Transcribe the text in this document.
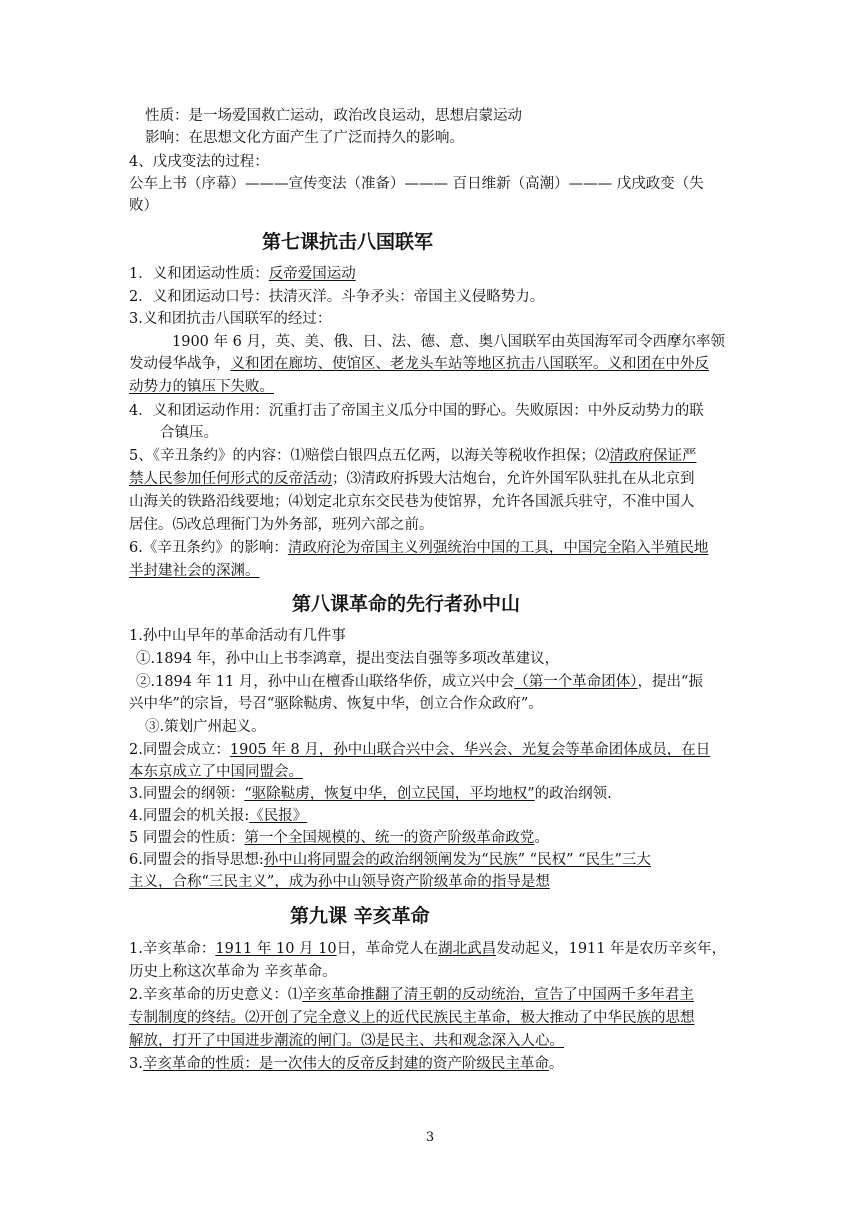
性质：是一场爱国救亡运动，政治改良运动，思想启蒙运动

影响：在思想文化方面产生了广泛而持久的影响。

4、戊戌变法的过程：

公车上书（序幕）———宣传变法（准备）——— 百日维新（高潮）——— 戊戌政变（失

败）

第七课抗击八国联军

1．义和团运动性质：反帝爱国运动

2．义和团运动口号：扶清灭洋。斗争矛头：帝国主义侵略势力。

3.义和团抗击八国联军的经过：

1900 年 6 月，英、美、俄、日、法、德、意、奥八国联军由英国海军司令西摩尔率领

发动侵华战争，义和团在廊坊、使馆区、老龙头车站等地区抗击八国联军。义和团在中外反

动势力的镇压下失败。

4．义和团运动作用：沉重打击了帝国主义瓜分中国的野心。失败原因：中外反动势力的联

合镇压。

5、《辛丑条约》的内容：⑴赔偿白银四点五亿两，以海关等税收作担保；⑵清政府保证严

禁人民参加任何形式的反帝活动；⑶清政府拆毁大沽炮台，允许外国军队驻扎在从北京到

山海关的铁路沿线要地；⑷划定北京东交民巷为使馆界，允许各国派兵驻守，不准中国人

居住。⑸改总理衙门为外务部，班列六部之前。

6.《辛丑条约》的影响：清政府沦为帝国主义列强统治中国的工具，中国完全陷入半殖民地

半封建社会的深渊。

第八课革命的先行者孙中山

1.孙中山早年的革命活动有几件事

①.1894 年，孙中山上书李鸿章，提出变法自强等多项改革建议，

②.1894 年 11 月，孙中山在檀香山联络华侨，成立兴中会（第一个革命团体），提出“振

兴中华”的宗旨，号召“驱除鞑虏、恢复中华，创立合作众政府”。

③.策划广州起义。

2.同盟会成立：1905 年 8 月，孙中山联合兴中会、华兴会、光复会等革命团体成员，在日

本东京成立了中国同盟会。

3.同盟会的纲领：“驱除鞑虏，恢复中华，创立民国，平均地权”的政治纲领.

4.同盟会的机关报:《民报》

5 同盟会的性质：第一个全国规模的、统一的资产阶级革命政党。

6.同盟会的指导思想:孙中山将同盟会的政治纲领阐发为“民族” “民权” “民生”三大

主义，合称“三民主义”，成为孙中山领导资产阶级革命的指导是想

第九课 辛亥革命

1.辛亥革命：1911 年 10 月 10日，革命党人在湖北武昌发动起义，1911 年是农历辛亥年，

历史上称这次革命为 辛亥革命。

2.辛亥革命的历史意义：⑴辛亥革命推翻了清王朝的反动统治，宣告了中国两千多年君主

专制制度的终结。⑵开创了完全意义上的近代民族民主革命，极大推动了中华民族的思想

解放，打开了中国进步潮流的闸门。⑶是民主、共和观念深入人心。

3.辛亥革命的性质：是一次伟大的反帝反封建的资产阶级民主革命。

3
